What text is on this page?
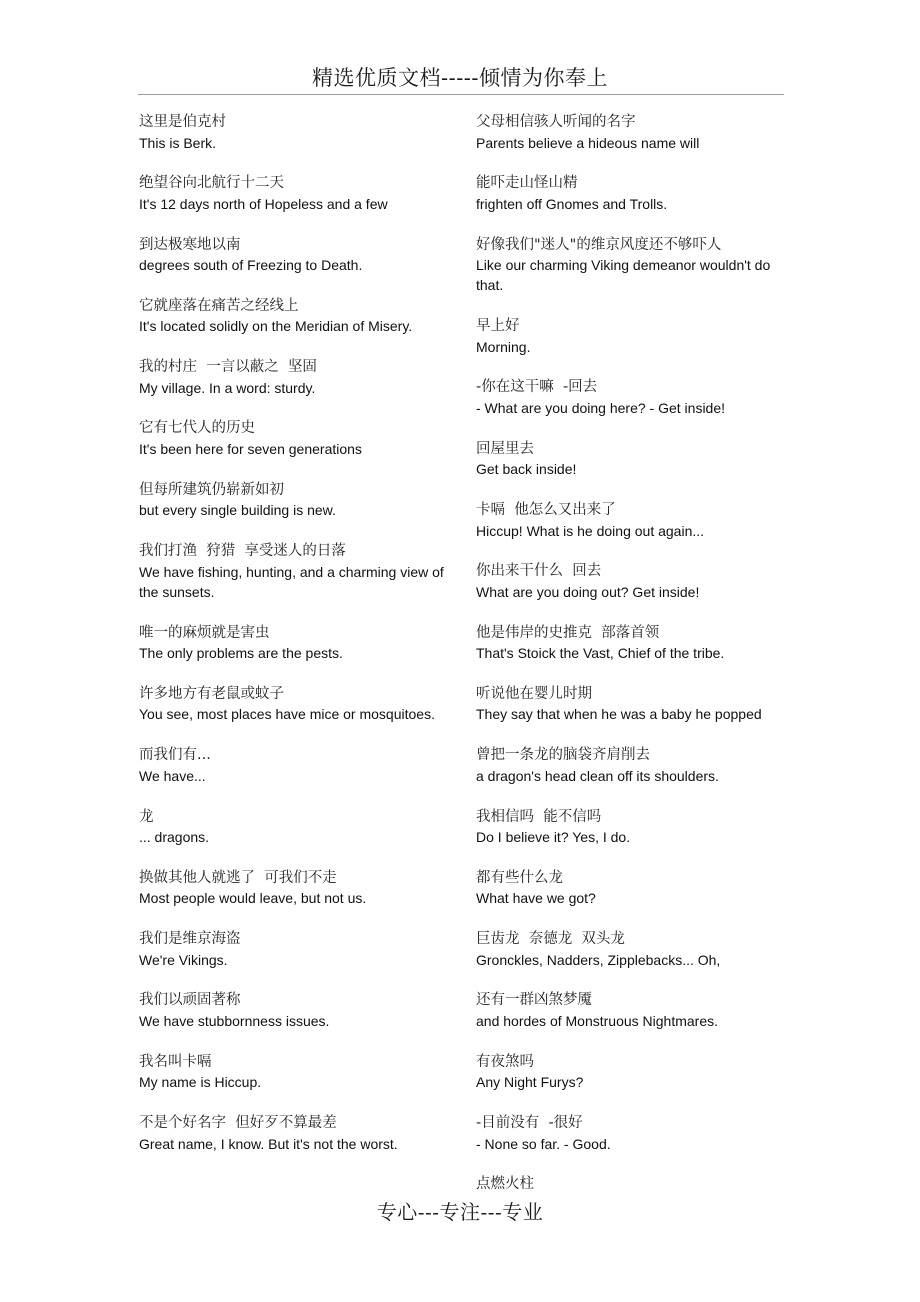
精选优质文档-----倾情为你奉上
这里是伯克村
This is Berk.
绝望谷向北航行十二天
It's 12 days north of Hopeless and a few
到达极寒地以南
degrees south of Freezing to Death.
它就座落在痛苦之经线上
It's located solidly on the Meridian of Misery.
我的村庄  一言以蔽之  坚固
My village. In a word: sturdy.
它有七代人的历史
It's been here for seven generations
但每所建筑仍崭新如初
but every single building is new.
我们打渔  狩猎  享受迷人的日落
We have fishing, hunting, and a charming view of the sunsets.
唯一的麻烦就是害虫
The only problems are the pests.
许多地方有老鼠或蚊子
You see, most places have mice or mosquitoes.
而我们有...
We have...
龙
... dragons.
换做其他人就逃了  可我们不走
Most people would leave, but not us.
我们是维京海盗
We're Vikings.
我们以顽固著称
We have stubbornness issues.
我名叫卡嗝
My name is Hiccup.
不是个好名字  但好歹不算最差
Great name, I know. But it's not the worst.
父母相信骇人听闻的名字
Parents believe a hideous name will
能吓走山怪山精
frighten off Gnomes and Trolls.
好像我们"迷人"的维京风度还不够吓人
Like our charming Viking demeanor wouldn't do that.
早上好
Morning.
-你在这干嘛  -回去
- What are you doing here? - Get inside!
回屋里去
Get back inside!
卡嗝  他怎么又出来了
Hiccup! What is he doing out again...
你出来干什么  回去
What are you doing out? Get inside!
他是伟岸的史推克  部落首领
That's Stoick the Vast, Chief of the tribe.
听说他在婴儿时期
They say that when he was a baby he popped
曾把一条龙的脑袋齐肩削去
a dragon's head clean off its shoulders.
我相信吗  能不信吗
Do I believe it? Yes, I do.
都有些什么龙
What have we got?
巨齿龙  奈德龙  双头龙
Gronckles, Nadders, Zipplebacks... Oh,
还有一群凶煞梦魇
and hordes of Monstruous Nightmares.
有夜煞吗
Any Night Furys?
-目前没有  -很好
- None so far. - Good.
点燃火柱
专心---专注---专业
